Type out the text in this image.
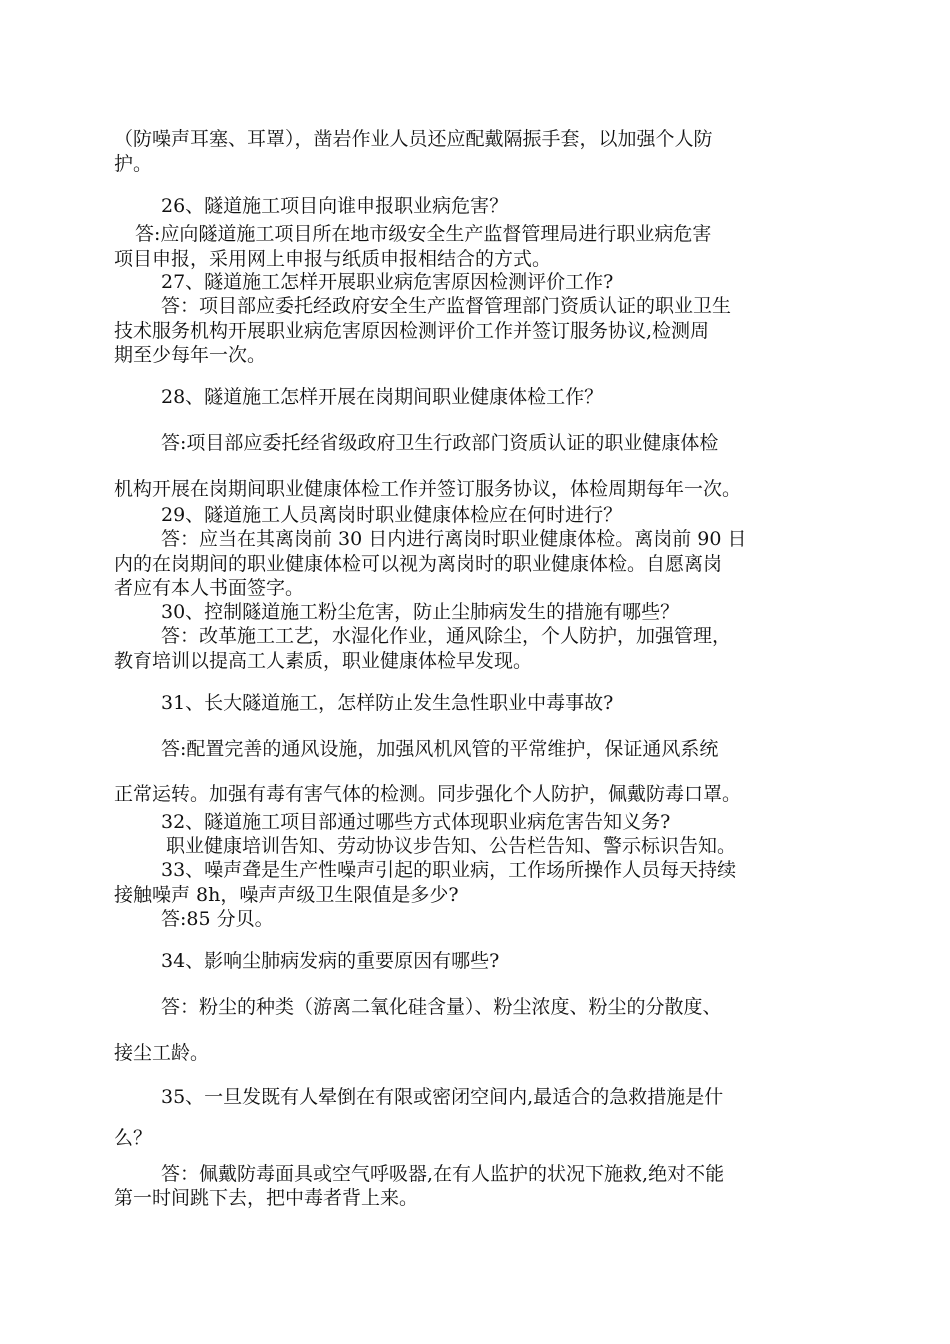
（防噪声耳塞、耳罩），凿岩作业人员还应配戴隔振手套，以加强个人防
护。
26、隧道施工项目向谁申报职业病危害？
答:应向隧道施工项目所在地市级安全生产监督管理局进行职业病危害
项目申报，采用网上申报与纸质申报相结合的方式。
27、隧道施工怎样开展职业病危害原因检测评价工作?
答：项目部应委托经政府安全生产监督管理部门资质认证的职业卫生
技术服务机构开展职业病危害原因检测评价工作并签订服务协议,检测周
期至少每年一次。
28、隧道施工怎样开展在岗期间职业健康体检工作？
答:项目部应委托经省级政府卫生行政部门资质认证的职业健康体检
机构开展在岗期间职业健康体检工作并签订服务协议，体检周期每年一次。
29、隧道施工人员离岗时职业健康体检应在何时进行？
答：应当在其离岗前 30 日内进行离岗时职业健康体检。离岗前 90 日
内的在岗期间的职业健康体检可以视为离岗时的职业健康体检。自愿离岗
者应有本人书面签字。
30、控制隧道施工粉尘危害，防止尘肺病发生的措施有哪些？
答：改革施工工艺，水湿化作业，通风除尘，个人防护，加强管理，
教育培训以提高工人素质，职业健康体检早发现。
31、长大隧道施工，怎样防止发生急性职业中毒事故?
答:配置完善的通风设施，加强风机风管的平常维护，保证通风系统
正常运转。加强有毒有害气体的检测。同步强化个人防护，佩戴防毒口罩。
32、隧道施工项目部通过哪些方式体现职业病危害告知义务?
职业健康培训告知、劳动协议步告知、公告栏告知、警示标识告知。
33、噪声聋是生产性噪声引起的职业病，工作场所操作人员每天持续
接触噪声 8h，噪声声级卫生限值是多少?
答:85 分贝。
34、影响尘肺病发病的重要原因有哪些?
答：粉尘的种类（游离二氧化硅含量）、粉尘浓度、粉尘的分散度、
接尘工龄。
35、一旦发既有人晕倒在有限或密闭空间内,最适合的急救措施是什
么？
答：佩戴防毒面具或空气呼吸器,在有人监护的状况下施救,绝对不能
第一时间跳下去，把中毒者背上来。
